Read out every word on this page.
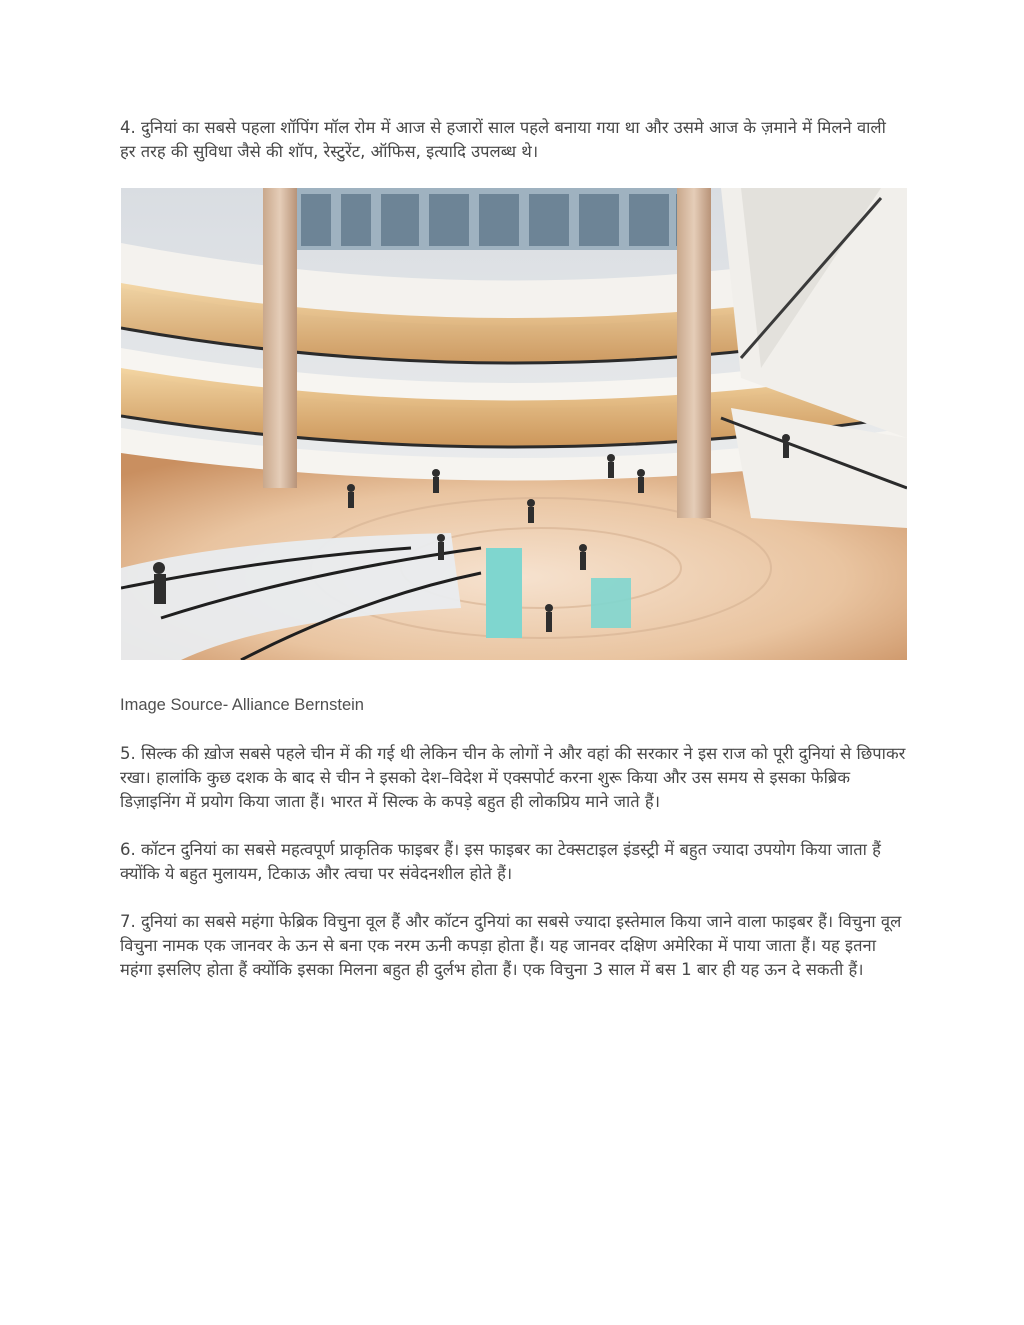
4. दुनियां का सबसे पहला शॉपिंग मॉल रोम में आज से हजारों साल पहले बनाया गया था और उसमे आज के ज़माने में मिलने वाली हर तरह की सुविधा जैसे की शॉप, रेस्टुरेंट, ऑफिस, इत्यादि उपलब्ध थे।

Image Source- Alliance Bernstein

5. सिल्क की ख़ोज सबसे पहले चीन में की गई थी लेकिन चीन के लोगों ने और वहां की सरकार ने इस राज को पूरी दुनियां से छिपाकर रखा। हालांकि कुछ दशक के बाद से चीन ने इसको देश–विदेश में एक्सपोर्ट करना शुरू किया और उस समय से इसका फेब्रिक डिज़ाइनिंग में प्रयोग किया जाता हैं। भारत में सिल्क के कपड़े बहुत ही लोकप्रिय माने जाते हैं।

6. कॉटन दुनियां का सबसे महत्वपूर्ण प्राकृतिक फाइबर हैं। इस फाइबर का टेक्सटाइल इंडस्ट्री में बहुत ज्यादा उपयोग किया जाता हैं क्योंकि ये बहुत मुलायम, टिकाऊ और त्वचा पर संवेदनशील होते हैं।

7. दुनियां का सबसे महंगा फेब्रिक विचुना वूल हैं और कॉटन दुनियां का सबसे ज्यादा इस्तेमाल किया जाने वाला फाइबर हैं। विचुना वूल विचुना नामक एक जानवर के ऊन से बना एक नरम ऊनी कपड़ा होता हैं। यह जानवर दक्षिण अमेरिका में पाया जाता हैं। यह इतना महंगा इसलिए होता हैं क्योंकि इसका मिलना बहुत ही दुर्लभ होता हैं। एक विचुना 3 साल में बस 1 बार ही यह ऊन दे सकती हैं।
